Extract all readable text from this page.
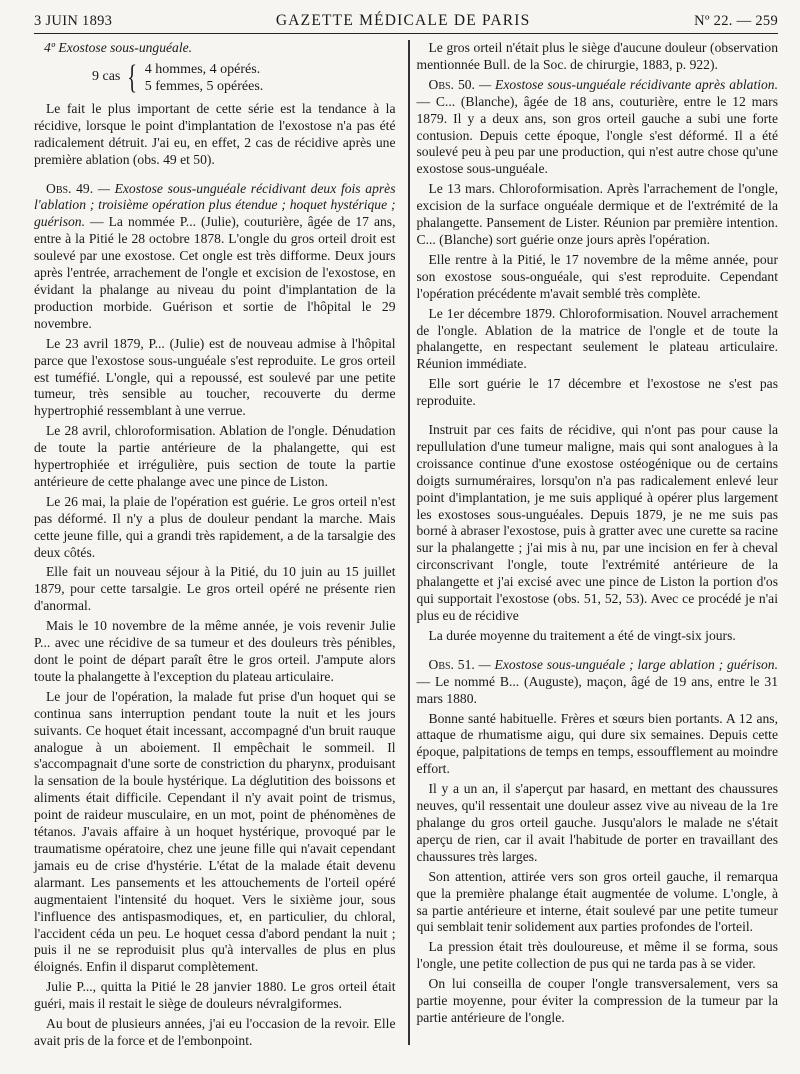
3 JUIN 1893	GAZETTE MÉDICALE DE PARIS	Nº 22. — 259

4º Exostose sous-unguéale.

9 cas { 4 hommes, 4 opérés.
5 femmes, 5 opérées.

Le fait le plus important de cette série est la tendance à la récidive, lorsque le point d'implantation de l'exostose n'a pas été radicalement détruit. J'ai eu, en effet, 2 cas de récidive après une première ablation (obs. 49 et 50).

Obs. 49. — Exostose sous-unguéale récidivant deux fois après l'ablation ; troisième opération plus étendue ; hoquet hystérique ; guérison. — La nommée P... (Julie), couturière, âgée de 17 ans, entre à la Pitié le 28 octobre 1878. L'ongle du gros orteil droit est soulevé par une exostose. Cet ongle est très difforme. Deux jours après l'entrée, arrachement de l'ongle et excision de l'exostose, en évidant la phalange au niveau du point d'implantation de la production morbide. Guérison et sortie de l'hôpital le 29 novembre.

Le 23 avril 1879, P... (Julie) est de nouveau admise à l'hôpital parce que l'exostose sous-unguéale s'est reproduite. Le gros orteil est tuméfié. L'ongle, qui a repoussé, est soulevé par une petite tumeur, très sensible au toucher, recouverte du derme hypertrophié ressemblant à une verrue.

Le 28 avril, chloroformisation. Ablation de l'ongle. Dénudation de toute la partie antérieure de la phalangette, qui est hypertrophiée et irrégulière, puis section de toute la partie antérieure de cette phalange avec une pince de Liston.

Le 26 mai, la plaie de l'opération est guérie. Le gros orteil n'est pas déformé. Il n'y a plus de douleur pendant la marche. Mais cette jeune fille, qui a grandi très rapidement, a de la tarsalgie des deux côtés.

Elle fait un nouveau séjour à la Pitié, du 10 juin au 15 juillet 1879, pour cette tarsalgie. Le gros orteil opéré ne présente rien d'anormal.

Mais le 10 novembre de la même année, je vois revenir Julie P... avec une récidive de sa tumeur et des douleurs très pénibles, dont le point de départ paraît être le gros orteil. J'ampute alors toute la phalangette à l'exception du plateau articulaire.

Le jour de l'opération, la malade fut prise d'un hoquet qui se continua sans interruption pendant toute la nuit et les jours suivants. Ce hoquet était incessant, accompagné d'un bruit rauque analogue à un aboiement. Il empêchait le sommeil. Il s'accompagnait d'une sorte de constriction du pharynx, produisant la sensation de la boule hystérique. La déglutition des boissons et aliments était difficile. Cependant il n'y avait point de trismus, point de raideur musculaire, en un mot, point de phénomènes de tétanos. J'avais affaire à un hoquet hystérique, provoqué par le traumatisme opératoire, chez une jeune fille qui n'avait cependant jamais eu de crise d'hystérie. L'état de la malade était devenu alarmant. Les pansements et les attouchements de l'orteil opéré augmentaient l'intensité du hoquet. Vers le sixième jour, sous l'influence des antispasmodiques, et, en particulier, du chloral, l'accident céda un peu. Le hoquet cessa d'abord pendant la nuit ; puis il ne se reproduisit plus qu'à intervalles de plus en plus éloignés. Enfin il disparut complètement.

Julie P..., quitta la Pitié le 28 janvier 1880. Le gros orteil était guéri, mais il restait le siège de douleurs névralgiformes.

Au bout de plusieurs années, j'ai eu l'occasion de la revoir. Elle avait pris de la force et de l'embonpoint.

Le gros orteil n'était plus le siège d'aucune douleur (observation mentionnée Bull. de la Soc. de chirurgie, 1883, p. 922).

Obs. 50. — Exostose sous-unguéale récidivante après ablation. — C... (Blanche), âgée de 18 ans, couturière, entre le 12 mars 1879. Il y a deux ans, son gros orteil gauche a subi une forte contusion. Depuis cette époque, l'ongle s'est déformé. Il a été soulevé peu à peu par une production, qui n'est autre chose qu'une exostose sous-unguéale.

Le 13 mars. Chloroformisation. Après l'arrachement de l'ongle, excision de la surface onguéale dermique et de l'extrémité de la phalangette. Pansement de Lister. Réunion par première intention. C... (Blanche) sort guérie onze jours après l'opération.

Elle rentre à la Pitié, le 17 novembre de la même année, pour son exostose sous-onguéale, qui s'est reproduite. Cependant l'opération précédente m'avait semblé très complète.

Le 1er décembre 1879. Chloroformisation. Nouvel arrachement de l'ongle. Ablation de la matrice de l'ongle et de toute la phalangette, en respectant seulement le plateau articulaire. Réunion immédiate.

Elle sort guérie le 17 décembre et l'exostose ne s'est pas reproduite.

Instruit par ces faits de récidive, qui n'ont pas pour cause la repullulation d'une tumeur maligne, mais qui sont analogues à la croissance continue d'une exostose ostéogénique ou de certains doigts surnuméraires, lorsqu'on n'a pas radicalement enlevé leur point d'implantation, je me suis appliqué à opérer plus largement les exostoses sous-unguéales. Depuis 1879, je ne me suis pas borné à abraser l'exostose, puis à gratter avec une curette sa racine sur la phalangette ; j'ai mis à nu, par une incision en fer à cheval circonscrivant l'ongle, toute l'extrémité antérieure de la phalangette et j'ai excisé avec une pince de Liston la portion d'os qui supportait l'exostose (obs. 51, 52, 53). Avec ce procédé je n'ai plus eu de récidive

La durée moyenne du traitement a été de vingt-six jours.

Obs. 51. — Exostose sous-unguéale ; large ablation ; guérison. — Le nommé B... (Auguste), maçon, âgé de 19 ans, entre le 31 mars 1880.

Bonne santé habituelle. Frères et sœurs bien portants. A 12 ans, attaque de rhumatisme aigu, qui dure six semaines. Depuis cette époque, palpitations de temps en temps, essoufflement au moindre effort.

Il y a un an, il s'aperçut par hasard, en mettant des chaussures neuves, qu'il ressentait une douleur assez vive au niveau de la 1re phalange du gros orteil gauche. Jusqu'alors le malade ne s'était aperçu de rien, car il avait l'habitude de porter en travaillant des chaussures très larges.

Son attention, attirée vers son gros orteil gauche, il remarqua que la première phalange était augmentée de volume. L'ongle, à sa partie antérieure et interne, était soulevé par une petite tumeur qui semblait tenir solidement aux parties profondes de l'orteil.

La pression était très douloureuse, et même il se forma, sous l'ongle, une petite collection de pus qui ne tarda pas à se vider.

On lui conseilla de couper l'ongle transversalement, vers sa partie moyenne, pour éviter la compression de la tumeur par la partie antérieure de l'ongle.
